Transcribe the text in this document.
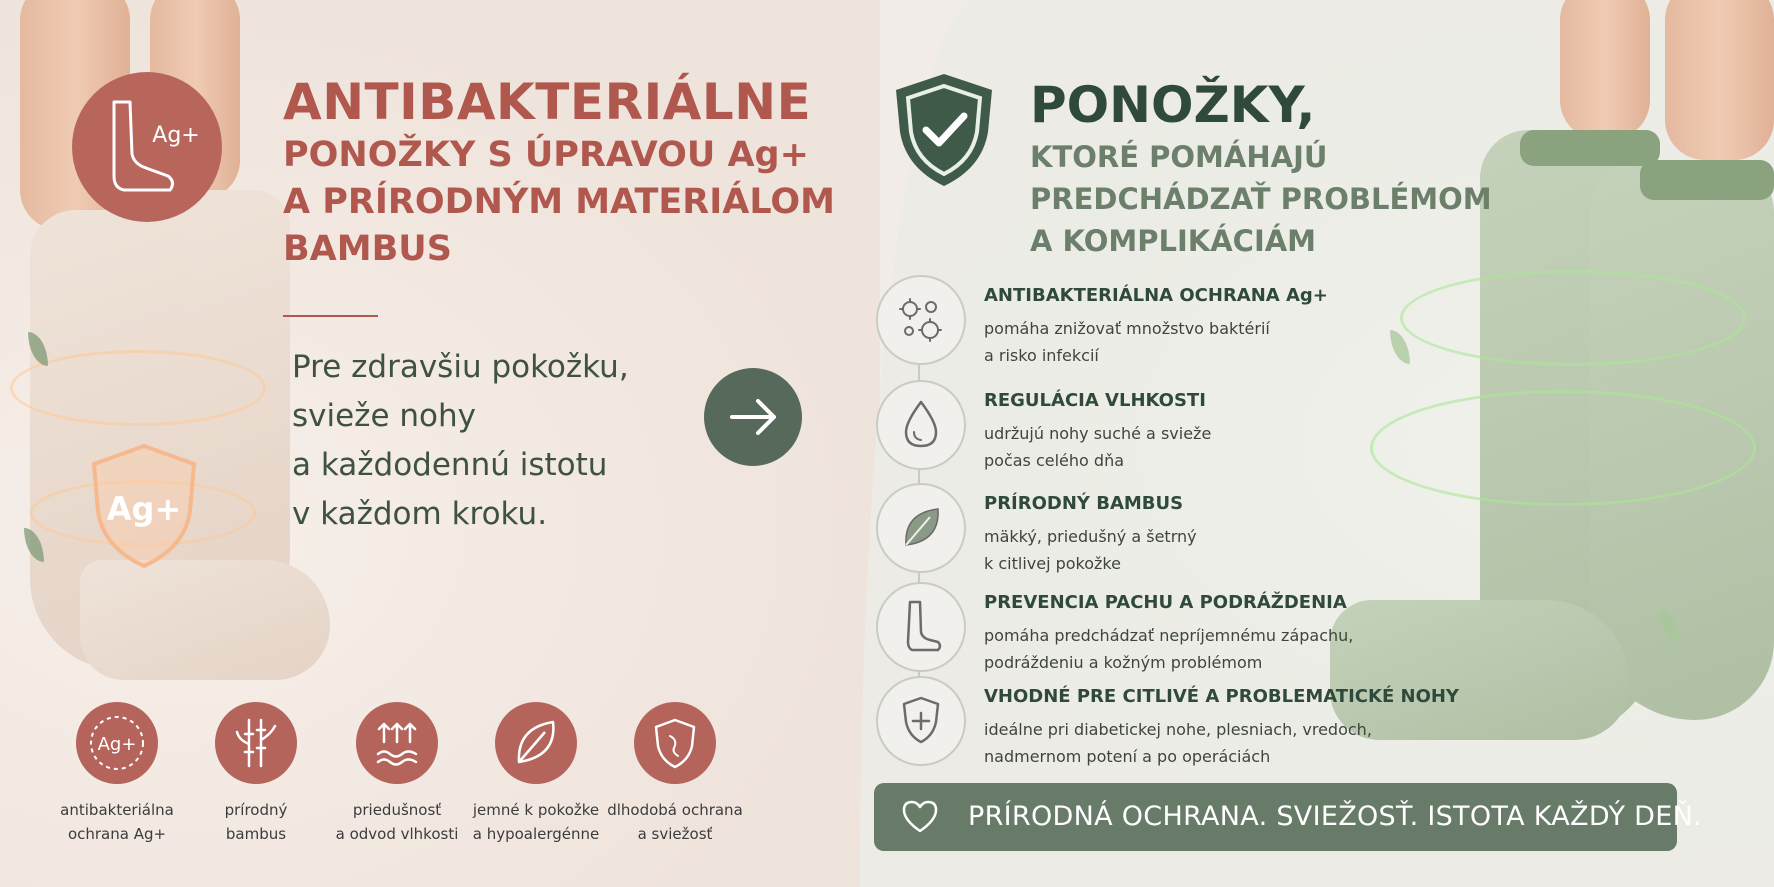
Ag+
Ag+
ANTIBAKTERIÁLNE
PONOŽKY S ÚPRAVOU Ag+
A PRÍRODNÝM MATERIÁLOM
BAMBUS
Pre zdravšiu pokožku,
svieže nohy
a každodennú istotu
v každom kroku.
Ag+
antibakteriálna
ochrana Ag+
prírodný
bambus
priedušnosť
a odvod vlhkosti
jemné k pokožke
a hypoalergénne
dlhodobá ochrana
a sviežosť
PONOŽKY,
KTORÉ POMÁHAJÚ
PREDCHÁDZAŤ PROBLÉMOM
A KOMPLIKÁCIÁM
ANTIBAKTERIÁLNA OCHRANA Ag+
pomáha znižovať množstvo baktérií
a risko infekcií
REGULÁCIA VLHKOSTI
udržujú nohy suché a svieže
počas celého dňa
PRÍRODNÝ BAMBUS
mäkký, priedušný a šetrný
k citlivej pokožke
PREVENCIA PACHU A PODRÁŽDENIA
pomáha predchádzať nepríjemnému zápachu,
podráždeniu a kožným problémom
VHODNÉ PRE CITLIVÉ A PROBLEMATICKÉ NOHY
ideálne pri diabetickej nohe, plesniach, vredoch,
nadmernom potení a po operáciách
PRÍRODNÁ OCHRANA. SVIEŽOSŤ. ISTOTA KAŽDÝ DEŇ.
